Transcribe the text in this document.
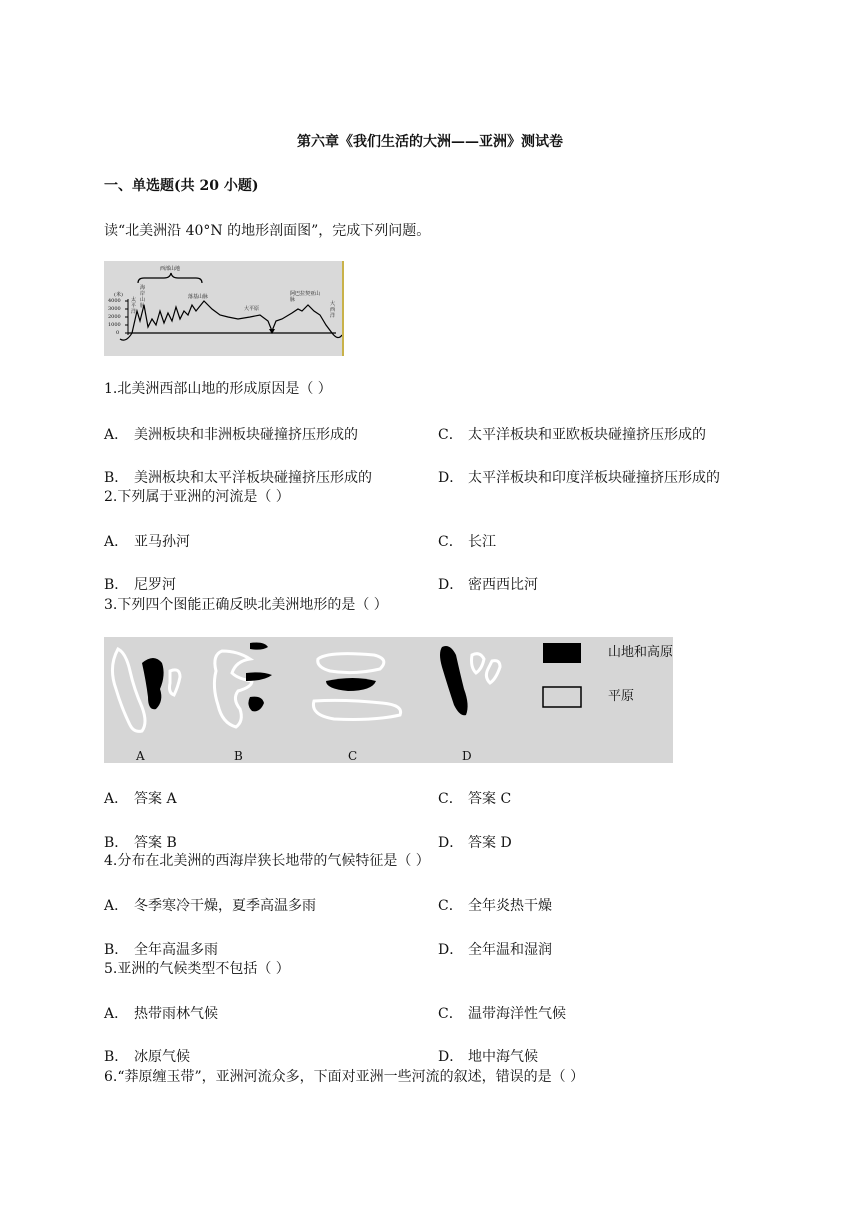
第六章《我们生活的大洲——亚洲》测试卷
一、单选题(共 20 小题)
读“北美洲沿 40°N 的地形剖面图”，完成下列问题。
西部山地
(米)
4000
3000
2000
1000
0
太平洋
海岸山脉
落基山脉
大平原
阿巴拉契亚山脉
大西洋
1.北美洲西部山地的形成原因是（ ）
A． 美洲板块和非洲板块碰撞挤压形成的	C． 太平洋板块和亚欧板块碰撞挤压形成的
B． 美洲板块和太平洋板块碰撞挤压形成的	D． 太平洋板块和印度洋板块碰撞挤压形成的
2.下列属于亚洲的河流是（ ）
A． 亚马孙河	C． 长江
B． 尼罗河	D． 密西西比河
3.下列四个图能正确反映北美洲地形的是（ ）
山地和高原
平原
A	B	C	D
A． 答案 A	C． 答案 C
B． 答案 B	D． 答案 D
4.分布在北美洲的西海岸狭长地带的气候特征是（ ）
A． 冬季寒冷干燥，夏季高温多雨	C． 全年炎热干燥
B． 全年高温多雨	D． 全年温和湿润
5.亚洲的气候类型不包括（ ）
A． 热带雨林气候	C． 温带海洋性气候
B． 冰原气候	D． 地中海气候
6.“莽原缠玉带”，亚洲河流众多，下面对亚洲一些河流的叙述，错误的是（ ）
